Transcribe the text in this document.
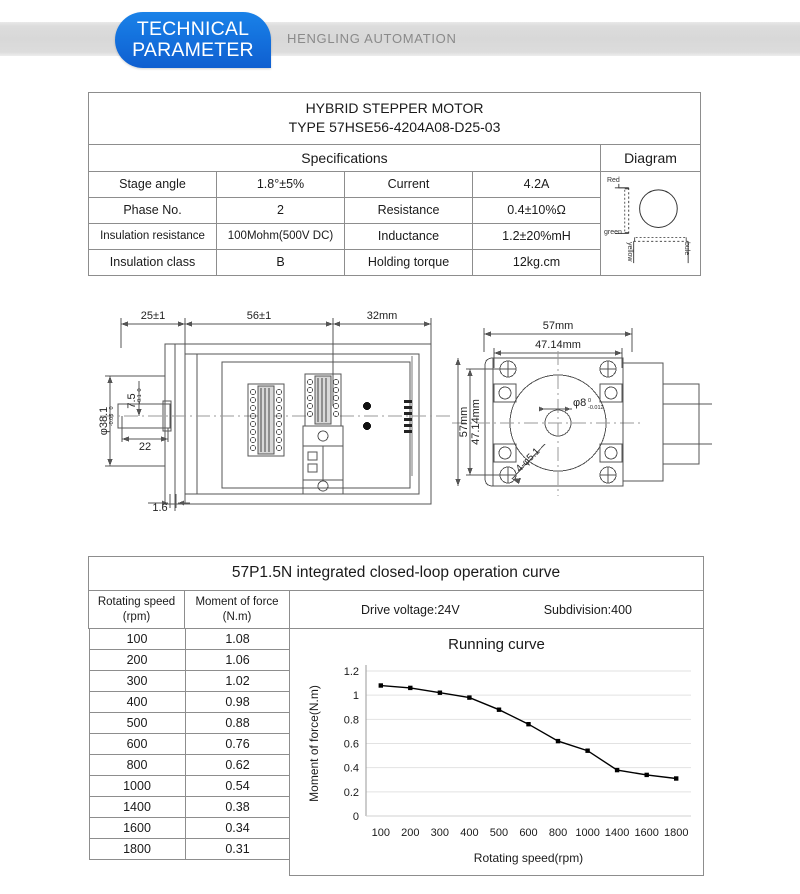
TECHNICAL
PARAMETER
HENGLING AUTOMATION
HYBRID STEPPER MOTOR
TYPE 57HSE56-4204A08-D25-03				

Specifications				Diagram
Stage angle	1.8°±5%	Current	4.2A	Red
green
yellow bule

Phase No.	2	Resistance	0.4±10%Ω	
Insulation resistance	100Mohm(500V DC)	Inductance	1.2±20%mH	
Insulation class	B	Holding torque	12kg.cm	
25±1	56±1	32mm
57mm
47.14mm
1.6
22
φ38.1 0
-0.05
7.5
0
-0.1
57mm 47.14mm
4-φ5.1
φ8 0
-0.012
57P1.5N integrated closed-loop operation curve

Rotating speed
(rpm)

Moment of force
(N.m)	Drive voltage:24V	Subdivision:400

100	1.08
200	1.06
300	1.02
400	0.98
500	0.88
600	0.76
800	0.62
1000	0.54
1400	0.38
1600	0.34
1800	0.31

Running curve
1.2
1
0.8
0.6
0.4
0.2
0
100 200 300 400 500 600 800 1000 1400 1600 1800
Rotating speed(rpm)
Moment of force(N.m)
